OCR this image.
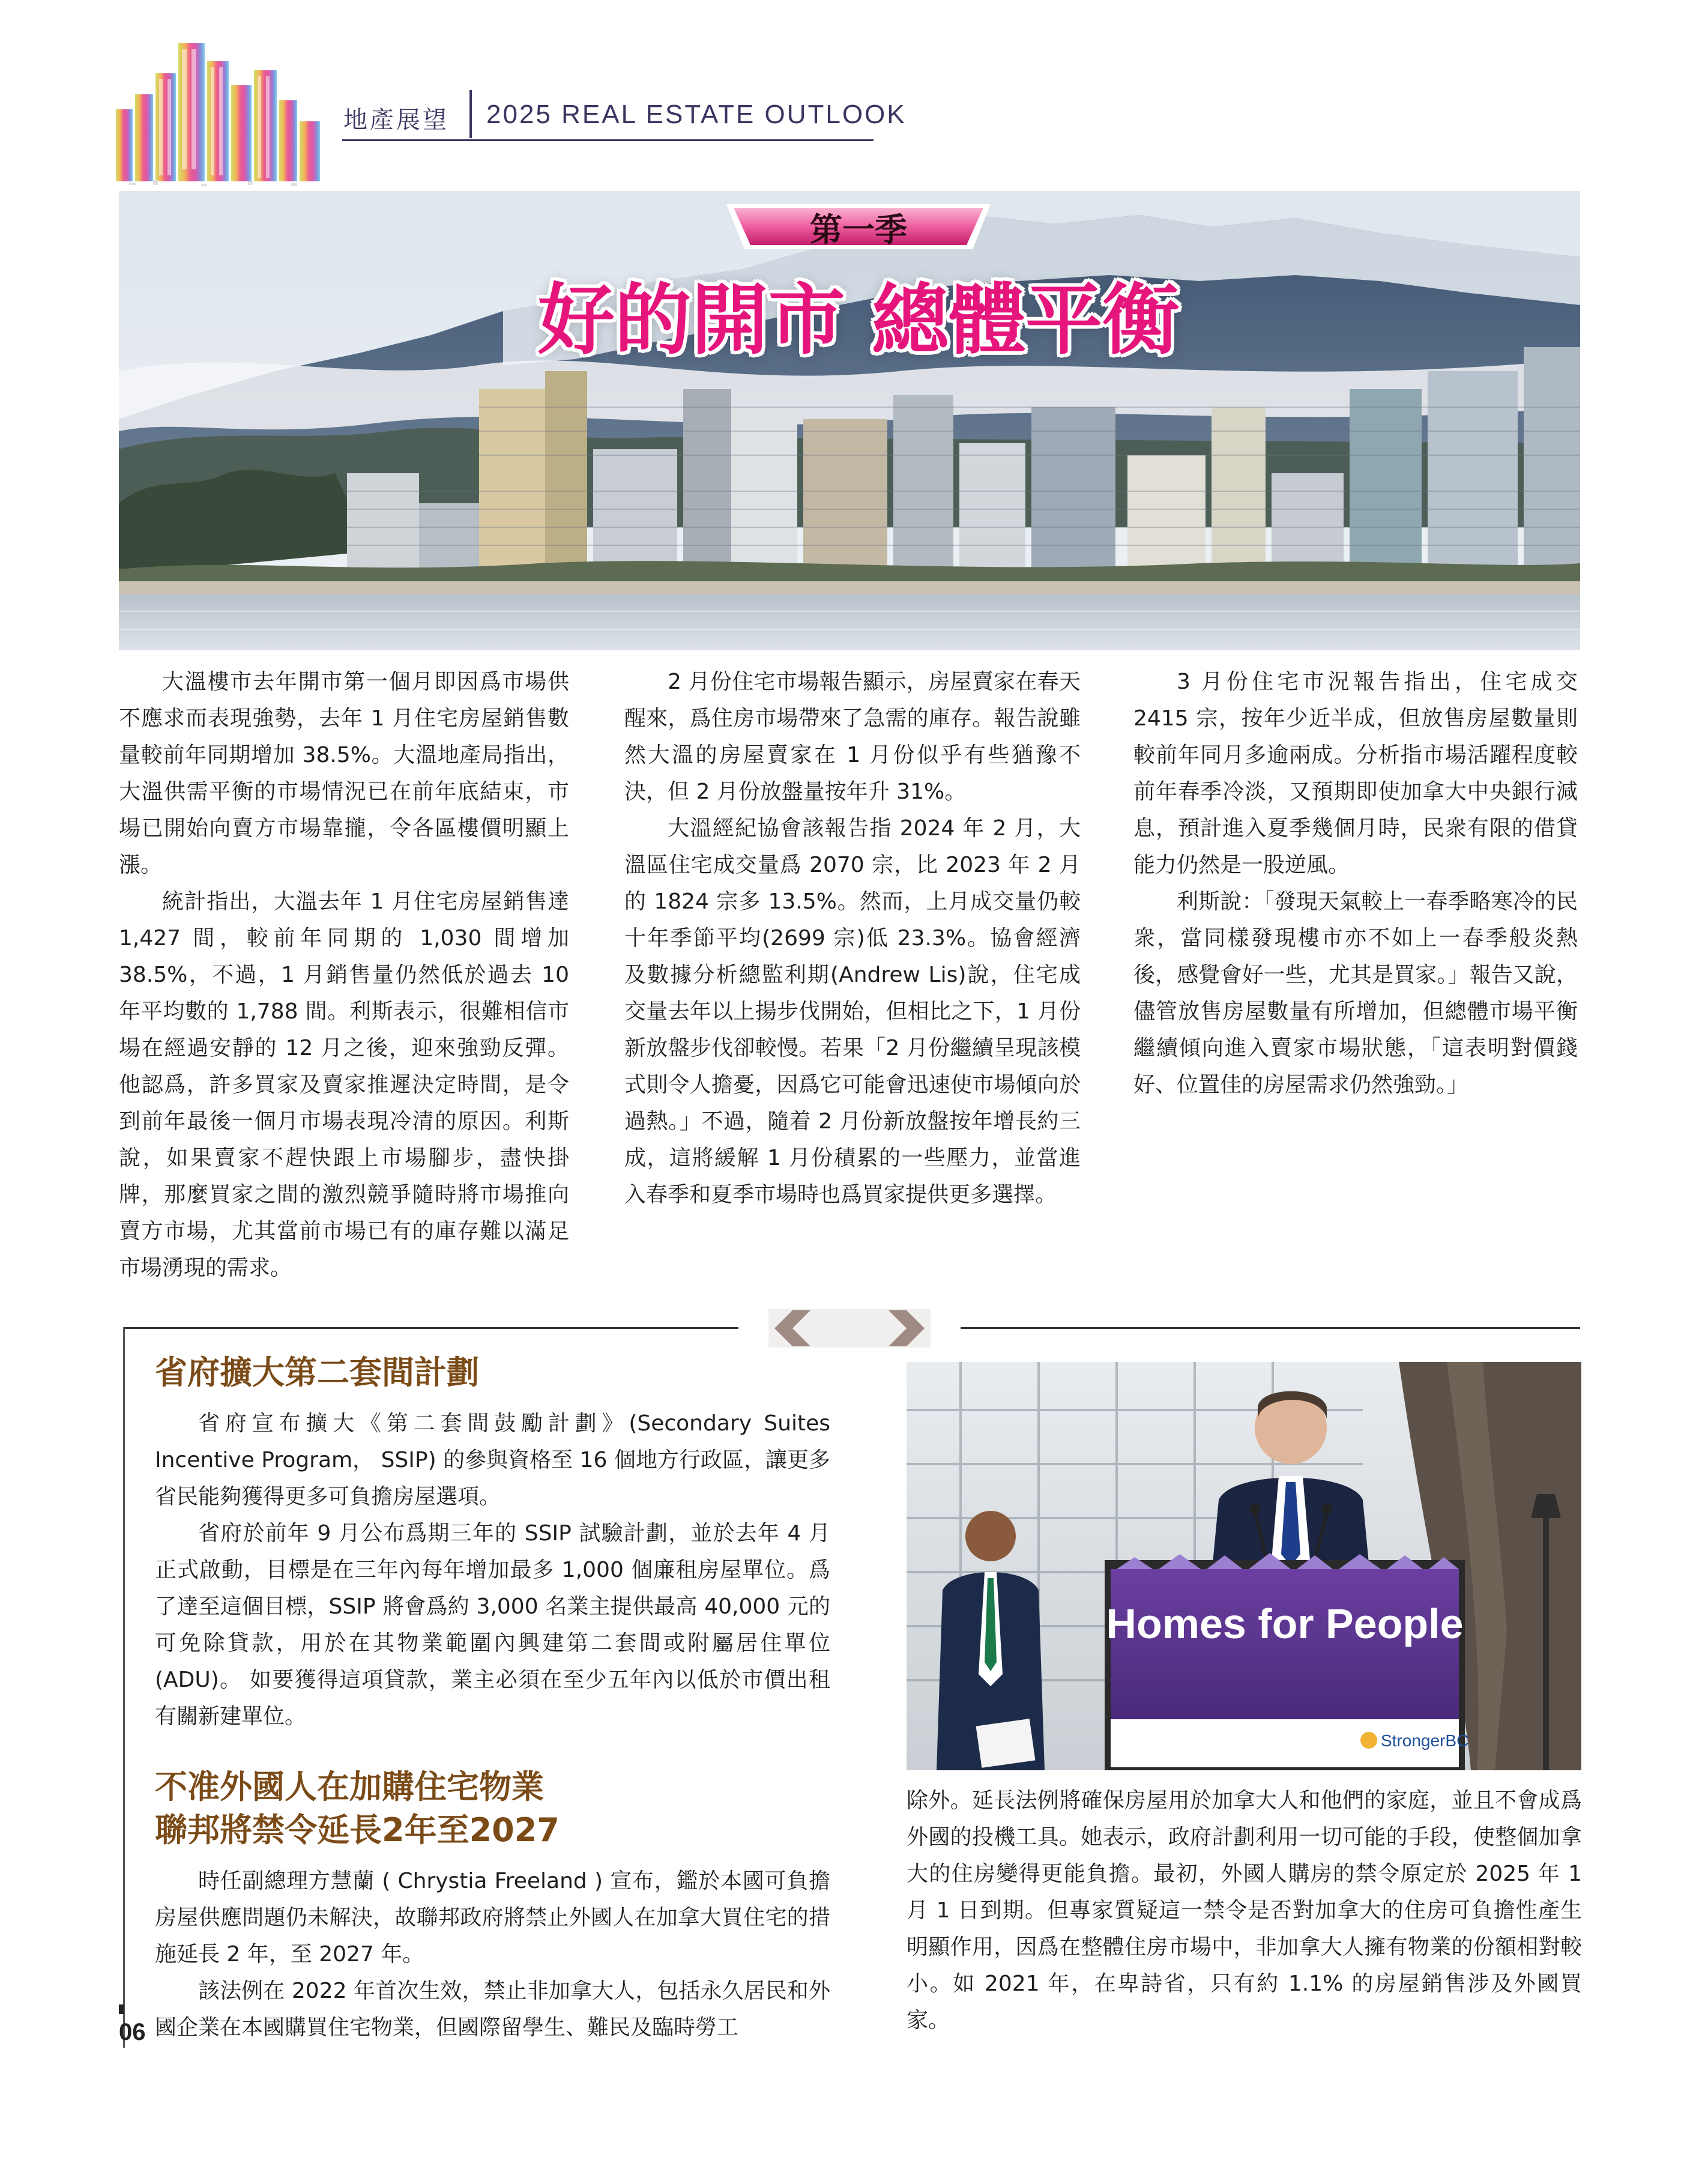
地產展望 2025 REAL ESTATE OUTLOOK
第一季
好的開市 總體平衡

大溫樓市去年開市第一個月即因爲市場供不應求而表現強勢，去年 1 月住宅房屋銷售數量較前年同期增加 38.5%。大溫地產局指出，大溫供需平衡的市場情況已在前年底結束，市場已開始向賣方市場靠攏，令各區樓價明顯上漲。

統計指出，大溫去年 1 月住宅房屋銷售達 1,427 間，較前年同期的 1,030 間增加 38.5%，不過，1 月銷售量仍然低於過去 10 年平均數的 1,788 間。利斯表示，很難相信市場在經過安靜的 12 月之後，迎來強勁反彈。他認爲，許多買家及賣家推遲決定時間，是令到前年最後一個月市場表現冷清的原因。利斯說，如果賣家不趕快跟上市場腳步，盡快掛牌，那麼買家之間的激烈競爭隨時將市場推向賣方市場，尤其當前市場已有的庫存難以滿足市場湧現的需求。

2 月份住宅市場報告顯示，房屋賣家在春天醒來，爲住房市場帶來了急需的庫存。報告說雖然大溫的房屋賣家在 1 月份似乎有些猶豫不決，但 2 月份放盤量按年升 31%。

大溫經紀協會該報告指 2024 年 2 月，大溫區住宅成交量爲 2070 宗，比 2023 年 2 月的 1824 宗多 13.5%。然而，上月成交量仍較十年季節平均(2699 宗)低 23.3%。協會經濟及數據分析總監利期(Andrew Lis)說，住宅成交量去年以上揚步伐開始，但相比之下，1 月份新放盤步伐卻較慢。若果「2 月份繼續呈現該模式則令人擔憂，因爲它可能會迅速使市場傾向於過熱。」不過，隨着 2 月份新放盤按年增長約三成，這將緩解 1 月份積累的一些壓力，並當進入春季和夏季市場時也爲買家提供更多選擇。

3 月份住宅市況報告指出，住宅成交 2415 宗，按年少近半成，但放售房屋數量則較前年同月多逾兩成。分析指市場活躍程度較前年春季冷淡，又預期即使加拿大中央銀行減息，預計進入夏季幾個月時，民衆有限的借貸能力仍然是一股逆風。

利斯說：「發現天氣較上一春季略寒冷的民衆，當同樣發現樓市亦不如上一春季般炎熱後，感覺會好一些，尤其是買家。」報告又說，儘管放售房屋數量有所增加，但總體市場平衡繼續傾向進入賣家市場狀態，「這表明對價錢好、位置佳的房屋需求仍然強勁。」

省府擴大第二套間計劃

省府宣布擴大《第二套間鼓勵計劃》(Secondary Suites Incentive Program， SSIP) 的參與資格至 16 個地方行政區，讓更多省民能夠獲得更多可負擔房屋選項。

省府於前年 9 月公布爲期三年的 SSIP 試驗計劃，並於去年 4 月正式啟動，目標是在三年內每年增加最多 1,000 個廉租房屋單位。爲了達至這個目標，SSIP 將會爲約 3,000 名業主提供最高 40,000 元的可免除貸款，用於在其物業範圍內興建第二套間或附屬居住單位 (ADU)。 如要獲得這項貸款，業主必須在至少五年內以低於市價出租有關新建單位。

不准外國人在加購住宅物業
聯邦將禁令延長2年至2027

時任副總理方慧蘭 ( Chrystia Freeland ) 宣布，鑑於本國可負擔房屋供應問題仍未解決，故聯邦政府將禁止外國人在加拿大買住宅的措施延長 2 年，至 2027 年。

該法例在 2022 年首次生效，禁止非加拿大人，包括永久居民和外國企業在本國購買住宅物業，但國際留學生、難民及臨時勞工

除外。延長法例將確保房屋用於加拿大人和他們的家庭，並且不會成爲外國的投機工具。她表示，政府計劃利用一切可能的手段，使整個加拿大的住房變得更能負擔。最初，外國人購房的禁令原定於 2025 年 1 月 1 日到期。但專家質疑這一禁令是否對加拿大的住房可負擔性產生明顯作用，因爲在整體住房市場中，非加拿大人擁有物業的份額相對較小。如 2021 年，在卑詩省，只有約 1.1% 的房屋銷售涉及外國買家。

Homes for People
StrongerBC
06
